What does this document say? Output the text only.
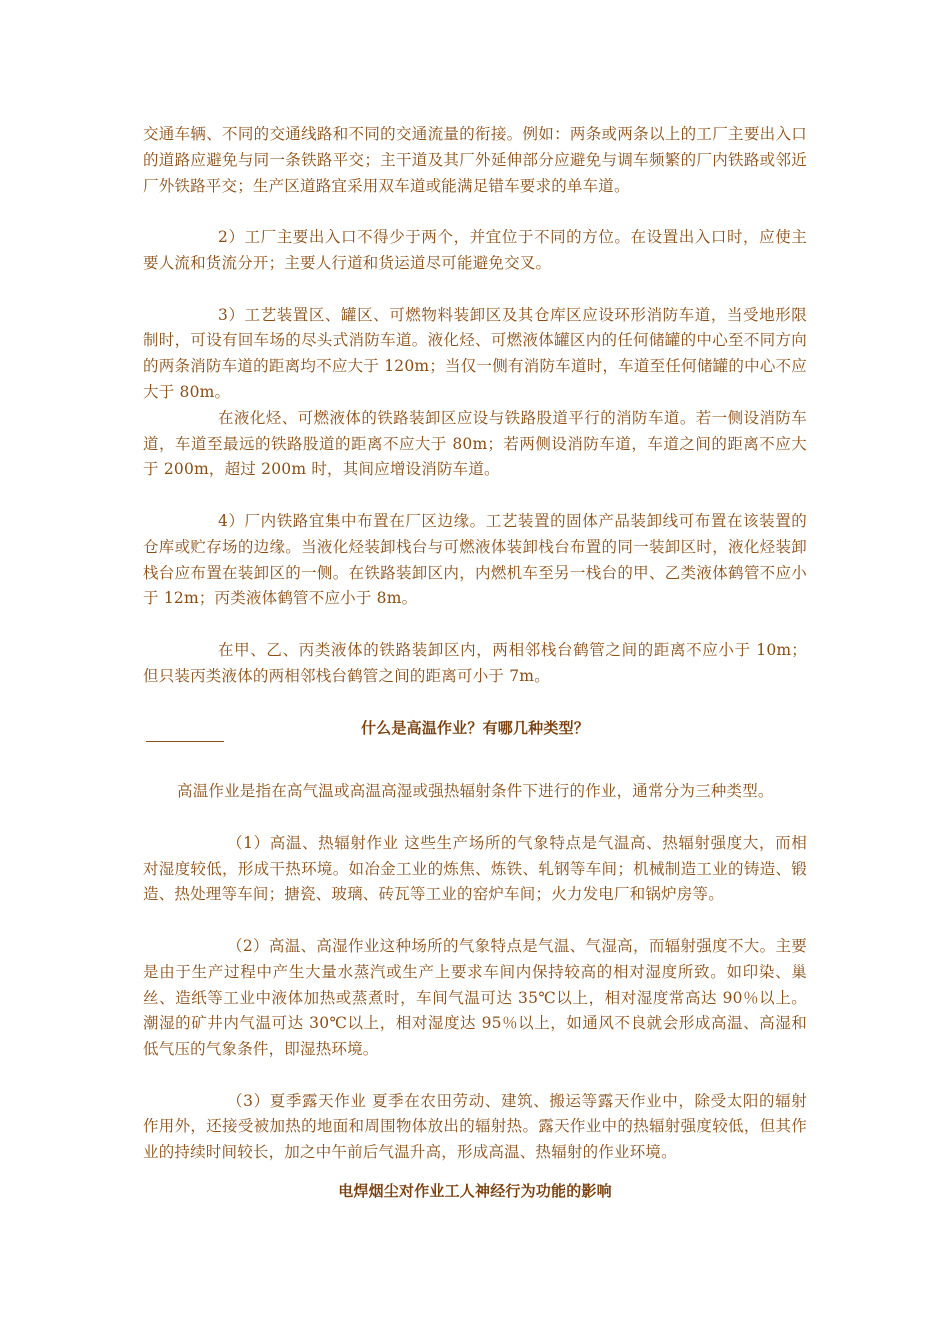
交通车辆、不同的交通线路和不同的交通流量的衔接。例如：两条或两条以上的工厂主要出入口的道路应避免与同一条铁路平交；主干道及其厂外延伸部分应避免与调车频繁的厂内铁路或邻近厂外铁路平交；生产区道路宜采用双车道或能满足错车要求的单车道。

2）工厂主要出入口不得少于两个，并宜位于不同的方位。在设置出入口时，应使主要人流和货流分开；主要人行道和货运道尽可能避免交叉。

3）工艺装置区、罐区、可燃物料装卸区及其仓库区应设环形消防车道，当受地形限制时，可设有回车场的尽头式消防车道。液化烃、可燃液体罐区内的任何储罐的中心至不同方向的两条消防车道的距离均不应大于 120m；当仅一侧有消防车道时，车道至任何储罐的中心不应大于 80m。

在液化烃、可燃液体的铁路装卸区应设与铁路股道平行的消防车道。若一侧设消防车道，车道至最远的铁路股道的距离不应大于 80m；若两侧设消防车道，车道之间的距离不应大于 200m，超过 200m 时，其间应增设消防车道。

4）厂内铁路宜集中布置在厂区边缘。工艺装置的固体产品装卸线可布置在该装置的仓库或贮存场的边缘。当液化烃装卸栈台与可燃液体装卸栈台布置的同一装卸区时，液化烃装卸栈台应布置在装卸区的一侧。在铁路装卸区内，内燃机车至另一栈台的甲、乙类液体鹤管不应小于 12m；丙类液体鹤管不应小于 8m。

在甲、乙、丙类液体的铁路装卸区内，两相邻栈台鹤管之间的距离不应小于 10m；但只装丙类液体的两相邻栈台鹤管之间的距离可小于 7m。

什么是高温作业？有哪几种类型？

高温作业是指在高气温或高温高湿或强热辐射条件下进行的作业，通常分为三种类型。

（1）高温、热辐射作业 这些生产场所的气象特点是气温高、热辐射强度大，而相对湿度较低，形成干热环境。如冶金工业的炼焦、炼铁、轧钢等车间；机械制造工业的铸造、锻造、热处理等车间；搪瓷、玻璃、砖瓦等工业的窑炉车间；火力发电厂和锅炉房等。

（2）高温、高湿作业这种场所的气象特点是气温、气湿高，而辐射强度不大。主要是由于生产过程中产生大量水蒸汽或生产上要求车间内保持较高的相对湿度所致。如印染、巢丝、造纸等工业中液体加热或蒸煮时，车间气温可达 35℃以上，相对湿度常高达 90％以上。潮湿的矿井内气温可达 30℃以上，相对湿度达 95％以上，如通风不良就会形成高温、高湿和低气压的气象条件，即湿热环境。

（3）夏季露天作业 夏季在农田劳动、建筑、搬运等露天作业中，除受太阳的辐射作用外，还接受被加热的地面和周围物体放出的辐射热。露天作业中的热辐射强度较低，但其作业的持续时间较长，加之中午前后气温升高，形成高温、热辐射的作业环境。

电焊烟尘对作业工人神经行为功能的影响
